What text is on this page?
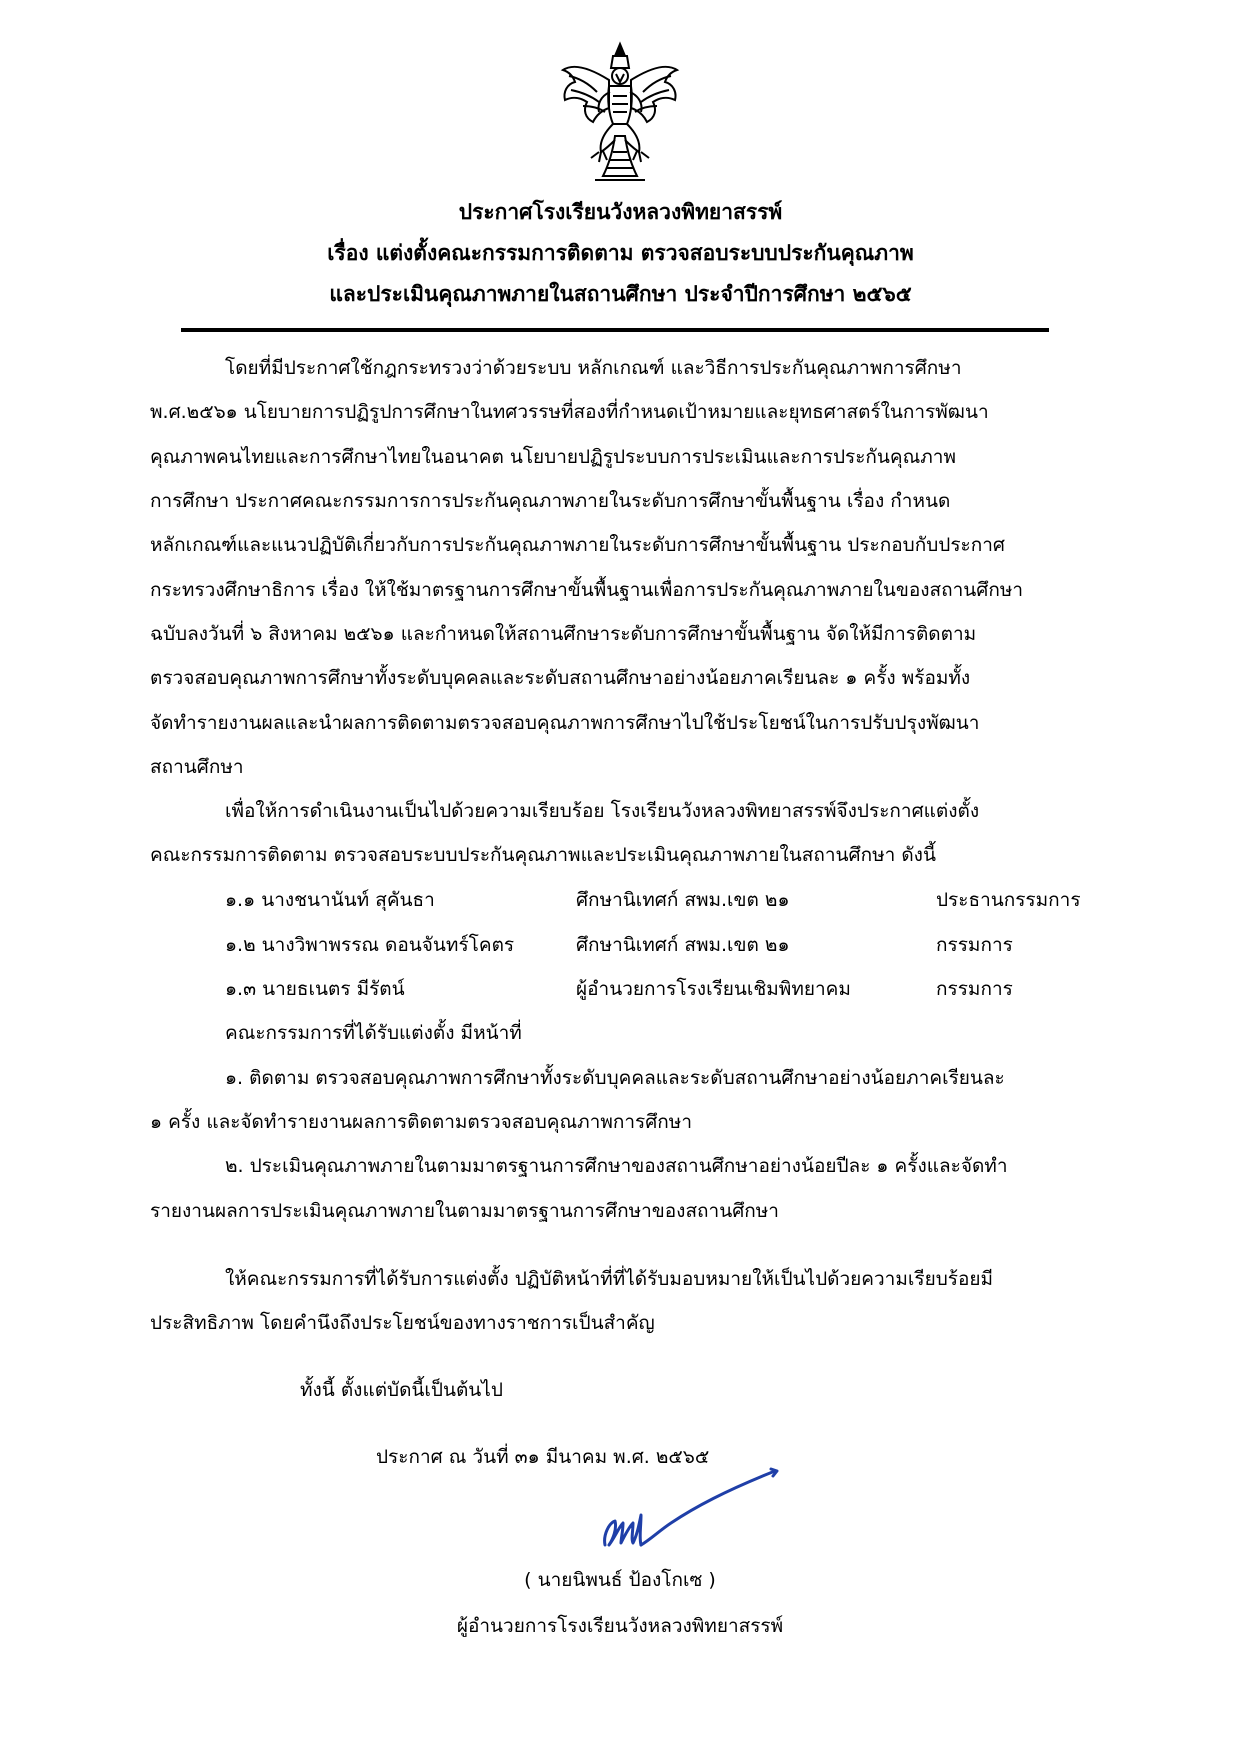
ประกาศโรงเรียนวังหลวงพิทยาสรรพ์
เรื่อง แต่งตั้งคณะกรรมการติดตาม ตรวจสอบระบบประกันคุณภาพ
และประเมินคุณภาพภายในสถานศึกษา ประจำปีการศึกษา ๒๕๖๕
โดยที่มีประกาศใช้กฎกระทรวงว่าด้วยระบบ หลักเกณฑ์ และวิธีการประกันคุณภาพการศึกษา
พ.ศ.๒๕๖๑ นโยบายการปฏิรูปการศึกษาในทศวรรษที่สองที่กำหนดเป้าหมายและยุทธศาสตร์ในการพัฒนา
คุณภาพคนไทยและการศึกษาไทยในอนาคต นโยบายปฏิรูประบบการประเมินและการประกันคุณภาพ
การศึกษา ประกาศคณะกรรมการการประกันคุณภาพภายในระดับการศึกษาขั้นพื้นฐาน เรื่อง กำหนด
หลักเกณฑ์และแนวปฏิบัติเกี่ยวกับการประกันคุณภาพภายในระดับการศึกษาขั้นพื้นฐาน ประกอบกับประกาศ
กระทรวงศึกษาธิการ เรื่อง ให้ใช้มาตรฐานการศึกษาขั้นพื้นฐานเพื่อการประกันคุณภาพภายในของสถานศึกษา
ฉบับลงวันที่ ๖ สิงหาคม ๒๕๖๑ และกำหนดให้สถานศึกษาระดับการศึกษาขั้นพื้นฐาน จัดให้มีการติดตาม
ตรวจสอบคุณภาพการศึกษาทั้งระดับบุคคลและระดับสถานศึกษาอย่างน้อยภาคเรียนละ ๑ ครั้ง พร้อมทั้ง
จัดทำรายงานผลและนำผลการติดตามตรวจสอบคุณภาพการศึกษาไปใช้ประโยชน์ในการปรับปรุงพัฒนา
สถานศึกษา
เพื่อให้การดำเนินงานเป็นไปด้วยความเรียบร้อย โรงเรียนวังหลวงพิทยาสรรพ์จึงประกาศแต่งตั้ง
คณะกรรมการติดตาม ตรวจสอบระบบประกันคุณภาพและประเมินคุณภาพภายในสถานศึกษา ดังนี้
๑.๑ นางชนานันท์ สุคันธา	ศึกษานิเทศก์ สพม.เขต ๒๑	ประธานกรรมการ
๑.๒ นางวิพาพรรณ ดอนจันทร์โคตร	ศึกษานิเทศก์ สพม.เขต ๒๑	กรรมการ
๑.๓ นายธเนตร มีรัตน์	ผู้อำนวยการโรงเรียนเชิมพิทยาคม	กรรมการ
คณะกรรมการที่ได้รับแต่งตั้ง มีหน้าที่
๑. ติดตาม ตรวจสอบคุณภาพการศึกษาทั้งระดับบุคคลและระดับสถานศึกษาอย่างน้อยภาคเรียนละ
๑ ครั้ง และจัดทำรายงานผลการติดตามตรวจสอบคุณภาพการศึกษา
๒. ประเมินคุณภาพภายในตามมาตรฐานการศึกษาของสถานศึกษาอย่างน้อยปีละ ๑ ครั้งและจัดทำ
รายงานผลการประเมินคุณภาพภายในตามมาตรฐานการศึกษาของสถานศึกษา
ให้คณะกรรมการที่ได้รับการแต่งตั้ง ปฏิบัติหน้าที่ที่ได้รับมอบหมายให้เป็นไปด้วยความเรียบร้อยมี
ประสิทธิภาพ โดยคำนึงถึงประโยชน์ของทางราชการเป็นสำคัญ
ทั้งนี้ ตั้งแต่บัดนี้เป็นต้นไป
ประกาศ ณ วันที่ ๓๑ มีนาคม พ.ศ. ๒๕๖๕
( นายนิพนธ์ ป้องโกเซ )
ผู้อำนวยการโรงเรียนวังหลวงพิทยาสรรพ์
